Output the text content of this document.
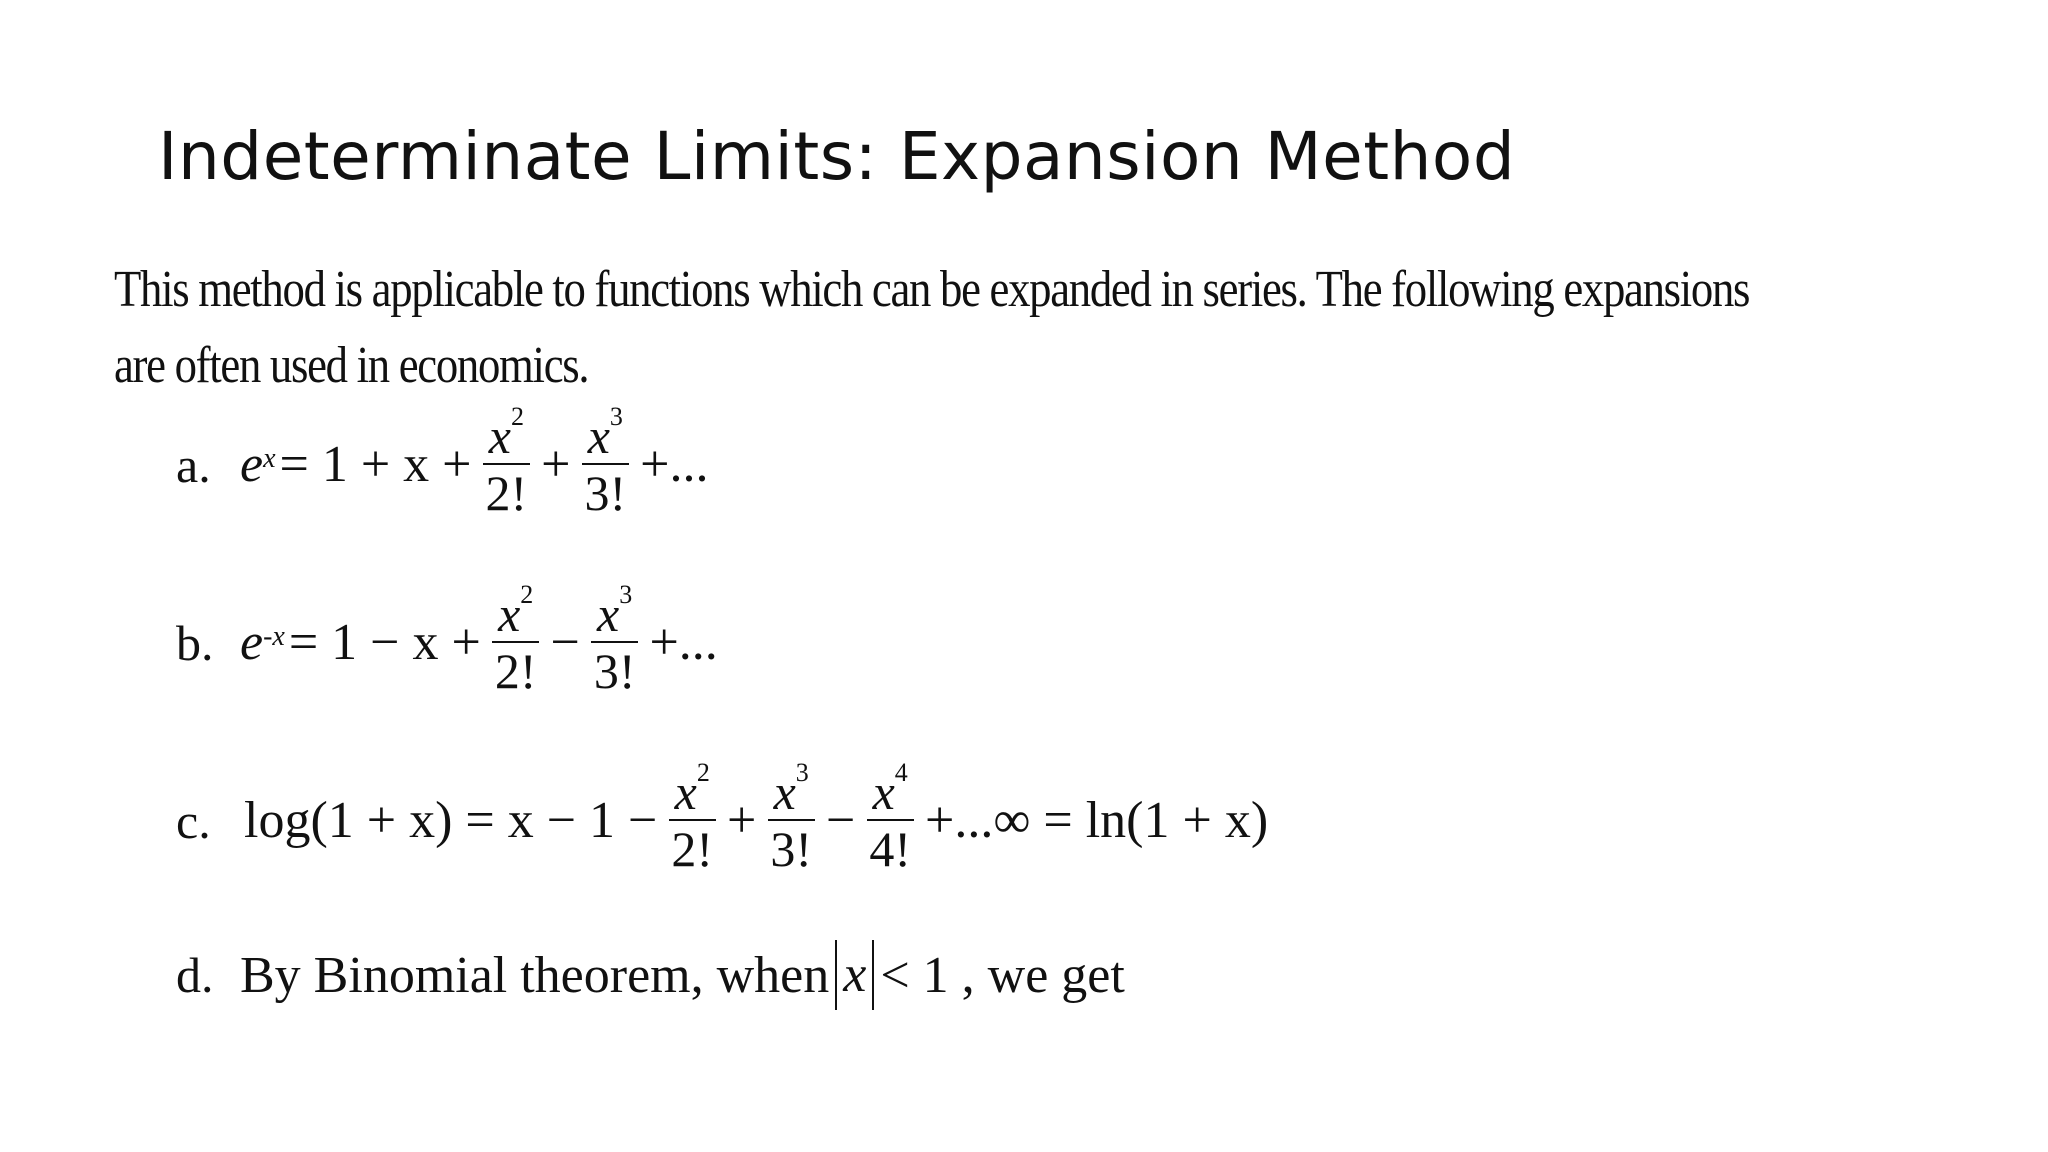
Indeterminate Limits: Expansion Method
This method is applicable to functions which can be expanded in series. The following expansions
are often used in economics.
a. e $x = 1 + x + \frac{x^2}{2!} + \frac{x^3}{3!}$ +...
b. e $-x = 1 - x + \frac{x^2}{2!} - \frac{x^3}{3!}$ +...
c. $\log(1 + x) = x - 1 - \frac{x^2}{2!} + \frac{x^3}{3!} - \frac{x^4}{4!}$ +...∞ = ln(1 + x)
d. By Binomial theorem, when x < 1 , we get
